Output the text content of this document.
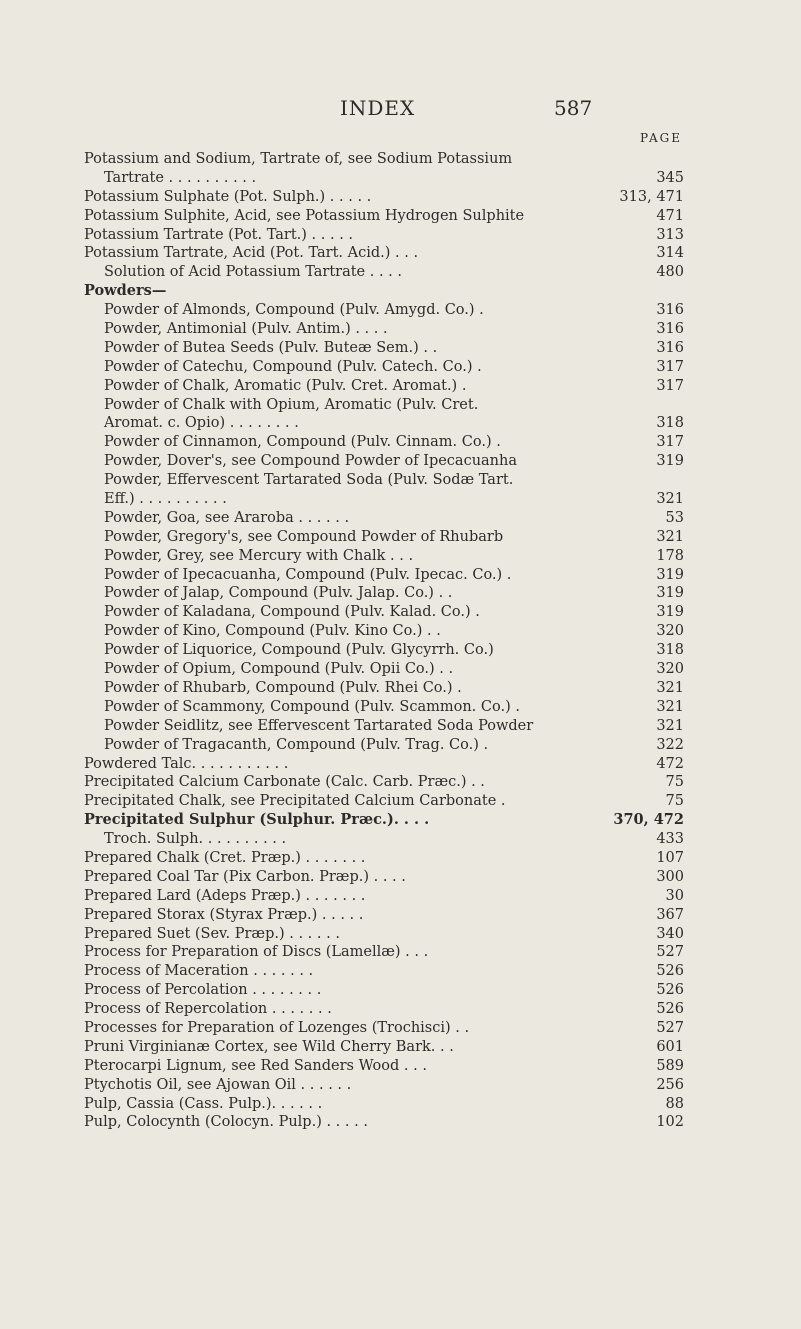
INDEX	587
PAGE
Potassium and Sodium, Tartrate of, see Sodium Potassium
Tartrate . . . . . . . . . .	345
Potassium Sulphate (Pot. Sulph.) . . . . .	313, 471
Potassium Sulphite, Acid, see Potassium Hydrogen Sulphite	471
Potassium Tartrate (Pot. Tart.) . . . . .	313
Potassium Tartrate, Acid (Pot. Tart. Acid.) . . .	314
Solution of Acid Potassium Tartrate . . . .	480
Powders—
Powder of Almonds, Compound (Pulv. Amygd. Co.) .	316
Powder, Antimonial (Pulv. Antim.) . . . .	316
Powder of Butea Seeds (Pulv. Buteæ Sem.) . .	316
Powder of Catechu, Compound (Pulv. Catech. Co.) .	317
Powder of Chalk, Aromatic (Pulv. Cret. Aromat.) .	317
Powder of Chalk with Opium, Aromatic (Pulv. Cret.
Aromat. c. Opio) . . . . . . . .	318
Powder of Cinnamon, Compound (Pulv. Cinnam. Co.) .	317
Powder, Dover's, see Compound Powder of Ipecacuanha	319
Powder, Effervescent Tartarated Soda (Pulv. Sodæ Tart.
Eff.) . . . . . . . . . .	321
Powder, Goa, see Araroba . . . . . .	53
Powder, Gregory's, see Compound Powder of Rhubarb	321
Powder, Grey, see Mercury with Chalk . . .	178
Powder of Ipecacuanha, Compound (Pulv. Ipecac. Co.) .	319
Powder of Jalap, Compound (Pulv. Jalap. Co.) . .	319
Powder of Kaladana, Compound (Pulv. Kalad. Co.) .	319
Powder of Kino, Compound (Pulv. Kino Co.) . .	320
Powder of Liquorice, Compound (Pulv. Glycyrrh. Co.)	318
Powder of Opium, Compound (Pulv. Opii Co.) . .	320
Powder of Rhubarb, Compound (Pulv. Rhei Co.) .	321
Powder of Scammony, Compound (Pulv. Scammon. Co.) .	321
Powder Seidlitz, see Effervescent Tartarated Soda Powder	321
Powder of Tragacanth, Compound (Pulv. Trag. Co.) .	322
Powdered Talc. . . . . . . . . . .	472
Precipitated Calcium Carbonate (Calc. Carb. Præc.) . .	75
Precipitated Chalk, see Precipitated Calcium Carbonate .	75
Precipitated Sulphur (Sulphur. Præc.). . . .	370, 472
Troch. Sulph. . . . . . . . . .	433
Prepared Chalk (Cret. Præp.) . . . . . . .	107
Prepared Coal Tar (Pix Carbon. Præp.) . . . .	300
Prepared Lard (Adeps Præp.) . . . . . . .	30
Prepared Storax (Styrax Præp.) . . . . .	367
Prepared Suet (Sev. Præp.) . . . . . .	340
Process for Preparation of Discs (Lamellæ) . . .	527
Process of Maceration . . . . . . .	526
Process of Percolation . . . . . . . .	526
Process of Repercolation . . . . . . .	526
Processes for Preparation of Lozenges (Trochisci) . .	527
Pruni Virginianæ Cortex, see Wild Cherry Bark. . .	601
Pterocarpi Lignum, see Red Sanders Wood . . .	589
Ptychotis Oil, see Ajowan Oil . . . . . .	256
Pulp, Cassia (Cass. Pulp.). . . . . .	88
Pulp, Colocynth (Colocyn. Pulp.) . . . . .	102
